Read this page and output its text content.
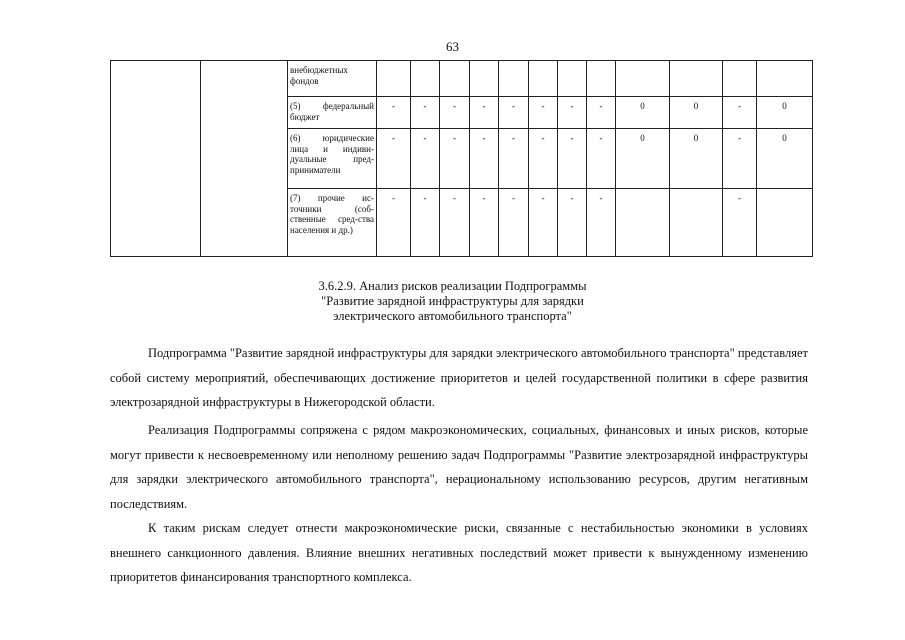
63
		внебюджетных фондов												
		(5) федеральный бюджет	-	-	-	-	-	-	-	-	0	0	-	0
		(6) юридические лица и индиви-дуальные пред-приниматели	-	-	-	-	-	-	-	-	0	0	-	0
		(7) прочие ис-точники (соб-ственные сред-ства населения и др.)	-	-	-	-	-	-	-	-			-	
3.6.2.9. Анализ рисков реализации Подпрограммы
"Развитие зарядной инфраструктуры для зарядки
электрического автомобильного транспорта"

Подпрограмма "Развитие зарядной инфраструктуры для зарядки электрического автомобильного транспорта" представляет собой систему мероприятий, обеспечивающих достижение приоритетов и целей государственной политики в сфере развития электрозарядной инфраструктуры в Нижегородской области.

Реализация Подпрограммы сопряжена с рядом макроэкономических, социальных, финансовых и иных рисков, которые могут привести к несвоевременному или неполному решению задач Подпрограммы "Развитие электрозарядной инфраструктуры для зарядки электрического автомобильного транспорта", нерациональному использованию ресурсов, другим негативным последствиям.

К таким рискам следует отнести макроэкономические риски, связанные с нестабильностью экономики в условиях внешнего санкционного давления. Влияние внешних негативных последствий может привести к вынужденному изменению приоритетов финансирования транспортного комплекса.
